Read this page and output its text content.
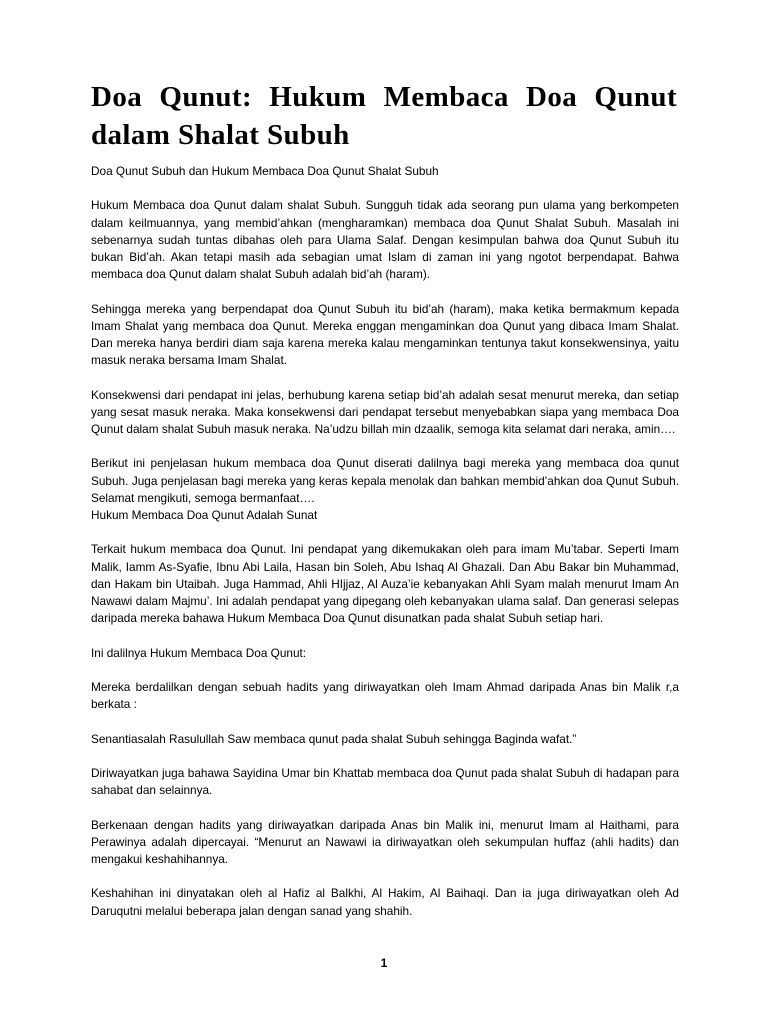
Doa Qunut: Hukum Membaca Doa Qunut dalam Shalat Subuh

Doa Qunut Subuh dan Hukum Membaca Doa Qunut Shalat Subuh

Hukum Membaca doa Qunut dalam shalat Subuh. Sungguh tidak ada seorang pun ulama yang berkompeten dalam keilmuannya, yang membid’ahkan (mengharamkan) membaca doa Qunut Shalat Subuh. Masalah ini sebenarnya sudah tuntas dibahas oleh para Ulama Salaf. Dengan kesimpulan bahwa doa Qunut Subuh itu bukan Bid’ah. Akan tetapi masih ada sebagian umat Islam di zaman ini yang ngotot berpendapat. Bahwa membaca doa Qunut dalam shalat Subuh adalah bid’ah (haram).

Sehingga mereka yang berpendapat doa Qunut Subuh itu bid’ah (haram), maka ketika bermakmum kepada Imam Shalat yang membaca doa Qunut. Mereka enggan mengaminkan doa Qunut yang dibaca Imam Shalat. Dan mereka hanya berdiri diam saja karena mereka kalau mengaminkan tentunya takut konsekwensinya, yaitu masuk neraka bersama Imam Shalat.

Konsekwensi dari pendapat ini jelas, berhubung karena setiap bid’ah adalah sesat menurut mereka, dan setiap yang sesat masuk neraka. Maka konsekwensi dari pendapat tersebut menyebabkan siapa yang membaca Doa Qunut dalam shalat Subuh masuk neraka. Na’udzu billah min dzaalik, semoga kita selamat dari neraka, amin….

Berikut ini penjelasan hukum membaca doa Qunut diserati dalilnya bagi mereka yang membaca doa qunut Subuh. Juga penjelasan bagi mereka yang keras kepala menolak dan bahkan membid’ahkan doa Qunut Subuh. Selamat mengikuti, semoga bermanfaat….

Hukum Membaca Doa Qunut Adalah Sunat

Terkait hukum membaca doa Qunut. Ini pendapat yang dikemukakan oleh para imam Mu’tabar. Seperti Imam Malik, Iamm As-Syafie, Ibnu Abi Laila, Hasan bin Soleh, Abu Ishaq Al Ghazali. Dan Abu Bakar bin Muhammad, dan Hakam bin Utaibah. Juga Hammad, Ahli HIjjaz, Al Auza’ie kebanyakan Ahli Syam malah menurut Imam An Nawawi dalam Majmu’. Ini adalah pendapat yang dipegang oleh kebanyakan ulama salaf. Dan generasi selepas daripada mereka bahawa Hukum Membaca Doa Qunut disunatkan pada shalat Subuh setiap hari.

Ini dalilnya Hukum Membaca Doa Qunut:

Mereka berdalilkan dengan sebuah hadits yang diriwayatkan oleh Imam Ahmad daripada Anas bin Malik r,a berkata :

Senantiasalah Rasulullah Saw membaca qunut pada shalat Subuh sehingga Baginda wafat.”

Diriwayatkan juga bahawa Sayidina Umar bin Khattab membaca doa Qunut pada shalat Subuh di hadapan para sahabat dan selainnya.

Berkenaan dengan hadits yang diriwayatkan daripada Anas bin Malik ini, menurut Imam al Haithami, para Perawinya adalah dipercayai. “Menurut an Nawawi ia diriwayatkan oleh sekumpulan huffaz (ahli hadits) dan mengakui keshahihannya.

Keshahihan ini dinyatakan oleh al Hafiz al Balkhi, Al Hakim, Al Baihaqi. Dan ia juga diriwayatkan oleh Ad Daruqutni melalui beberapa jalan dengan sanad yang shahih.

1
